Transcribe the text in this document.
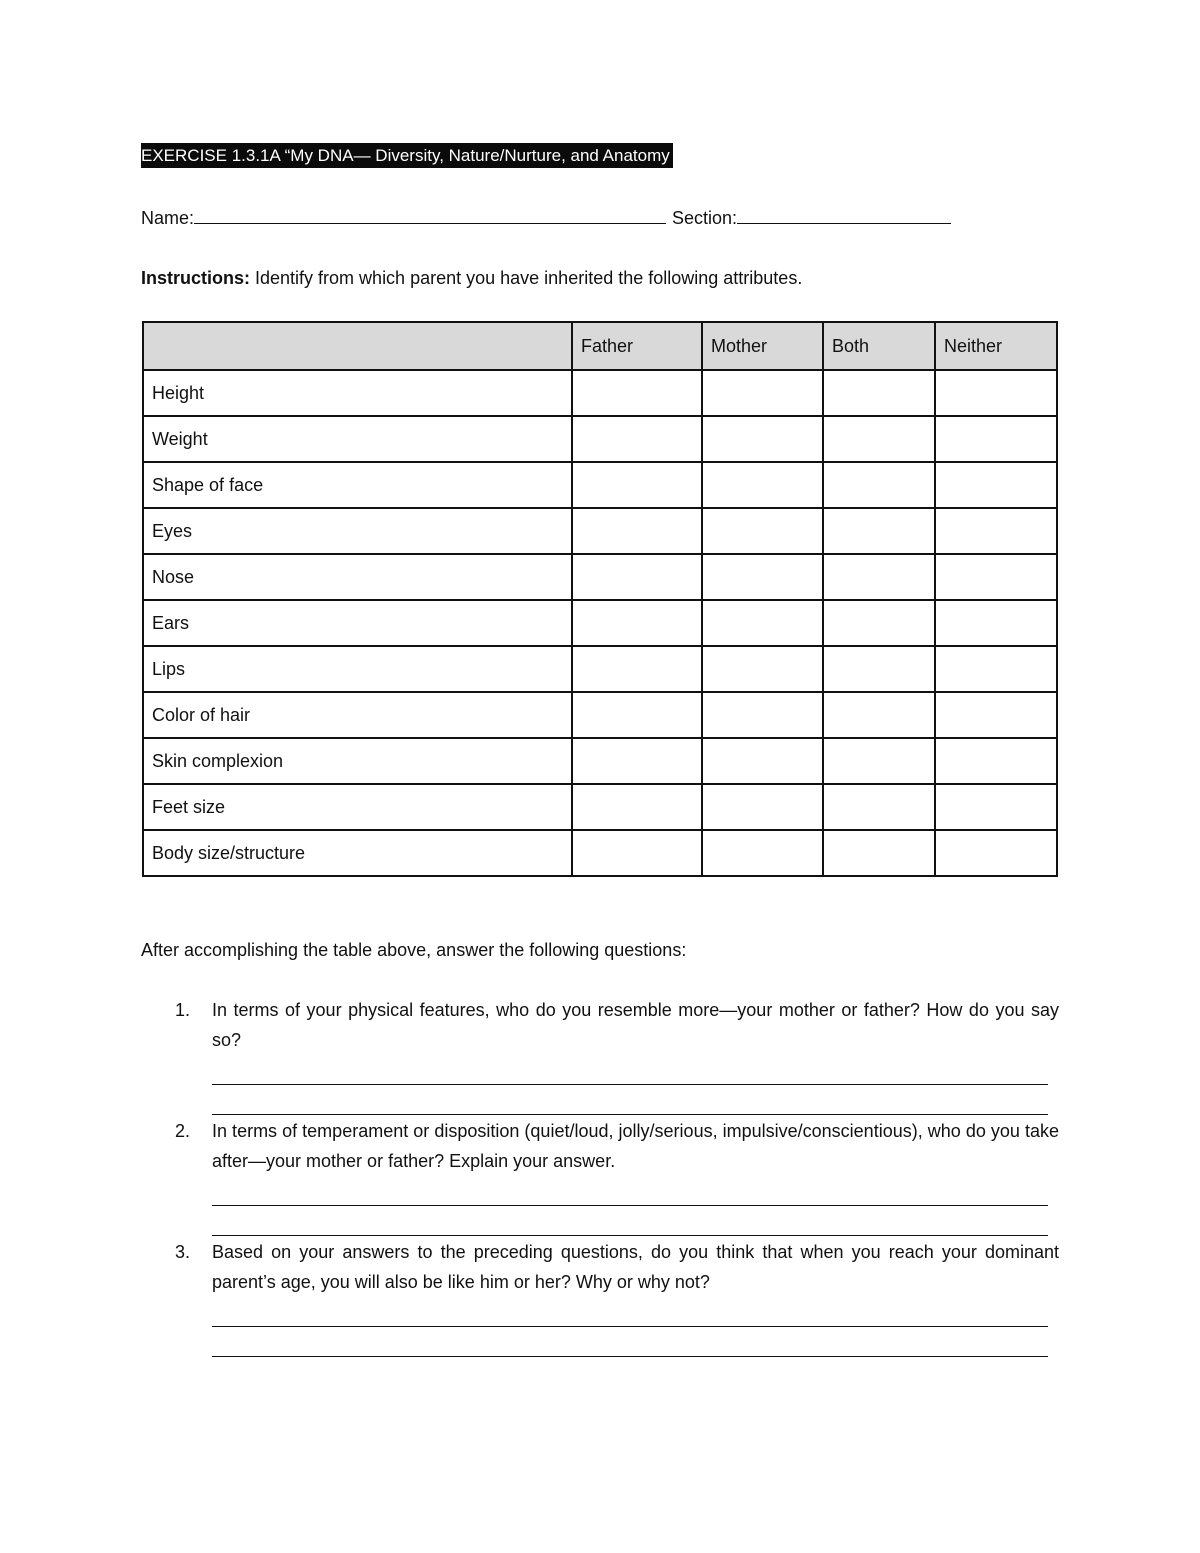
EXERCISE 1.3.1A “My DNA— Diversity, Nature/Nurture, and Anatomy
Name:	Section:
Instructions: Identify from which parent you have inherited the following attributes.
	Father	Mother	Both	Neither
Height				
Weight				
Shape of face				
Eyes				
Nose				
Ears				
Lips				
Color of hair				
Skin complexion				
Feet size				
Body size/structure				
After accomplishing the table above, answer the following questions:
1. In terms of your physical features, who do you resemble more—your mother or father? How do you say so?
2. In terms of temperament or disposition (quiet/loud, jolly/serious, impulsive/conscientious), who do you take after—your mother or father? Explain your answer.
3. Based on your answers to the preceding questions, do you think that when you reach your dominant parent’s age, you will also be like him or her? Why or why not?
